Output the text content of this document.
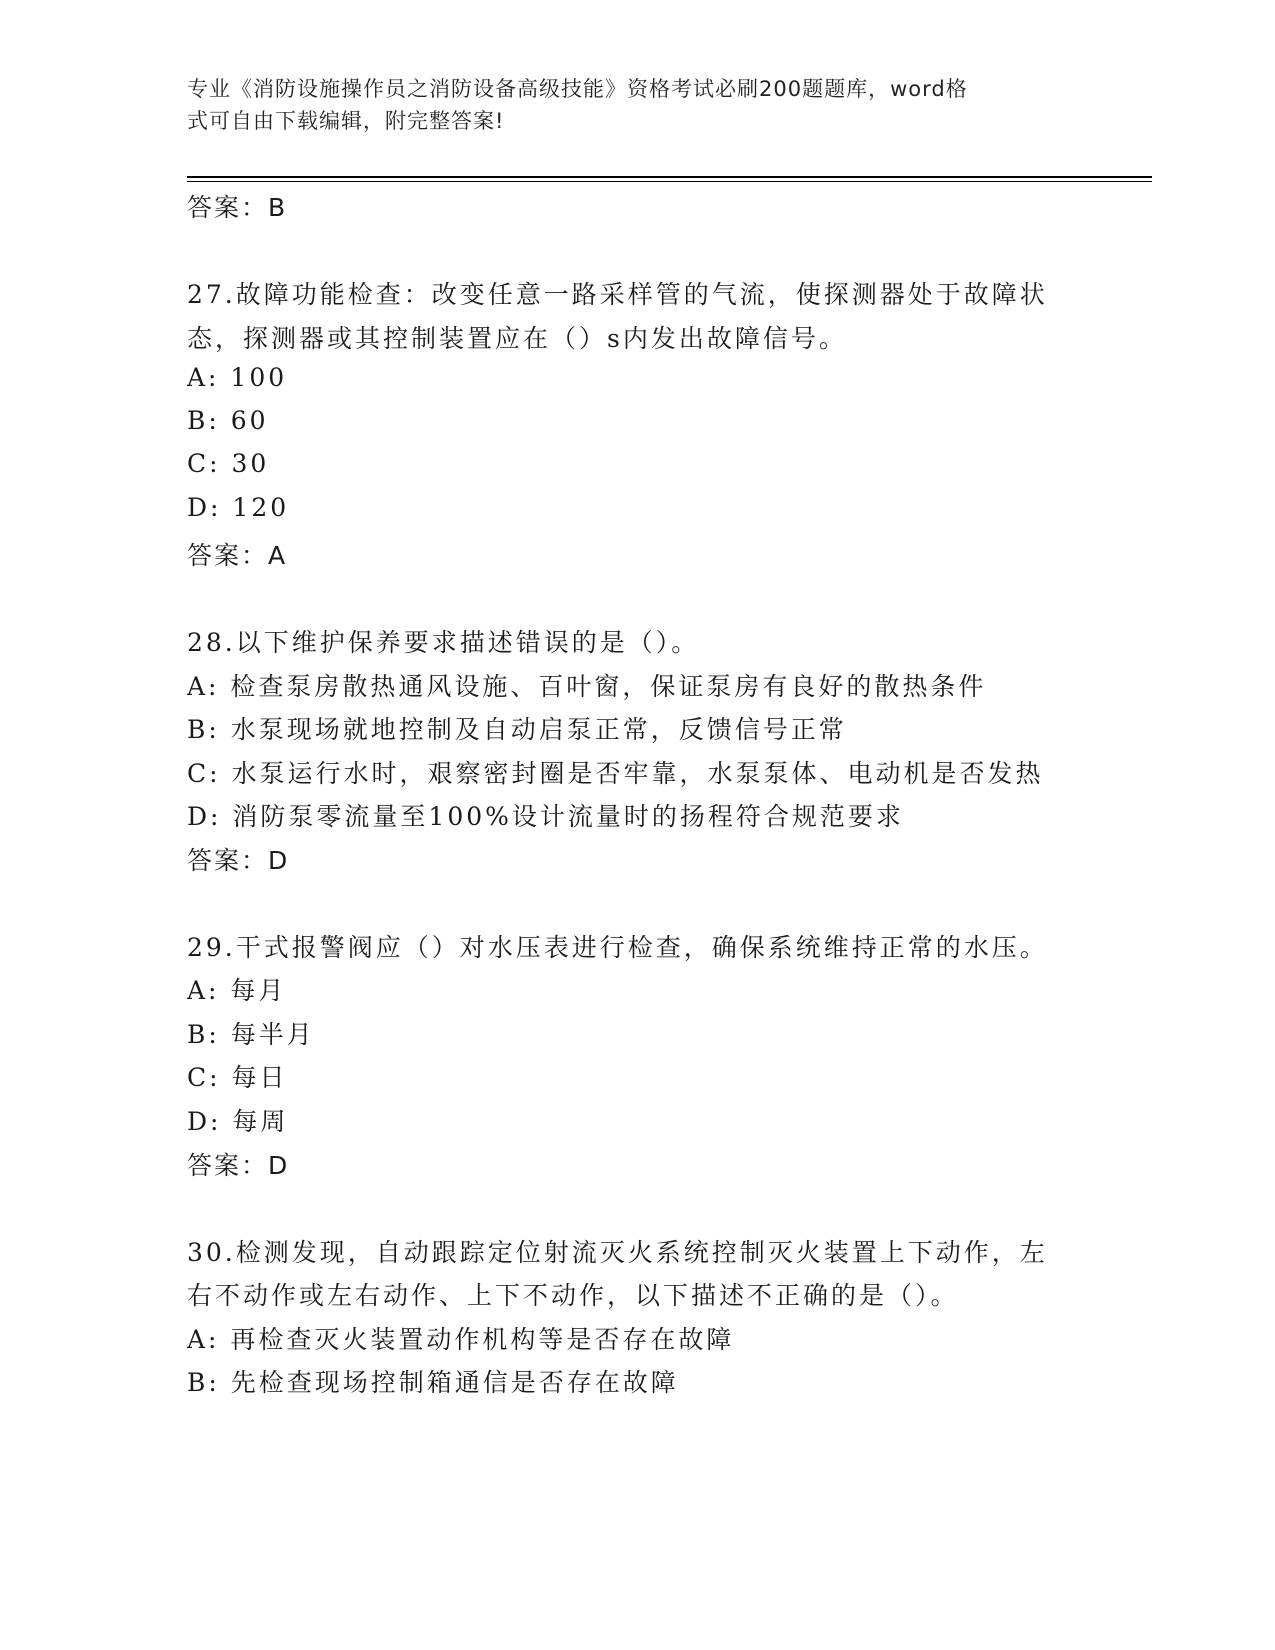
专业《消防设施操作员之消防设备高级技能》资格考试必刷200题题库，word格
式可自由下载编辑，附完整答案!
答案：B
27.故障功能检查：改变任意一路采样管的气流，使探测器处于故障状
态，探测器或其控制装置应在（）s内发出故障信号。
A: 100
B: 60
C: 30
D: 120
答案：A
28.以下维护保养要求描述错误的是（）。
A: 检查泵房散热通风设施、百叶窗，保证泵房有良好的散热条件
B: 水泵现场就地控制及自动启泵正常，反馈信号正常
C: 水泵运行水时，艰察密封圈是否牢靠，水泵泵体、电动机是否发热
D: 消防泵零流量至100%设计流量时的扬程符合规范要求
答案：D
29.干式报警阀应（）对水压表进行检查，确保系统维持正常的水压。
A: 每月
B: 每半月
C: 每日
D: 每周
答案：D
30.检测发现，自动跟踪定位射流灭火系统控制灭火装置上下动作，左
右不动作或左右动作、上下不动作，以下描述不正确的是（）。
A: 再检查灭火装置动作机构等是否存在故障
B: 先检查现场控制箱通信是否存在故障
